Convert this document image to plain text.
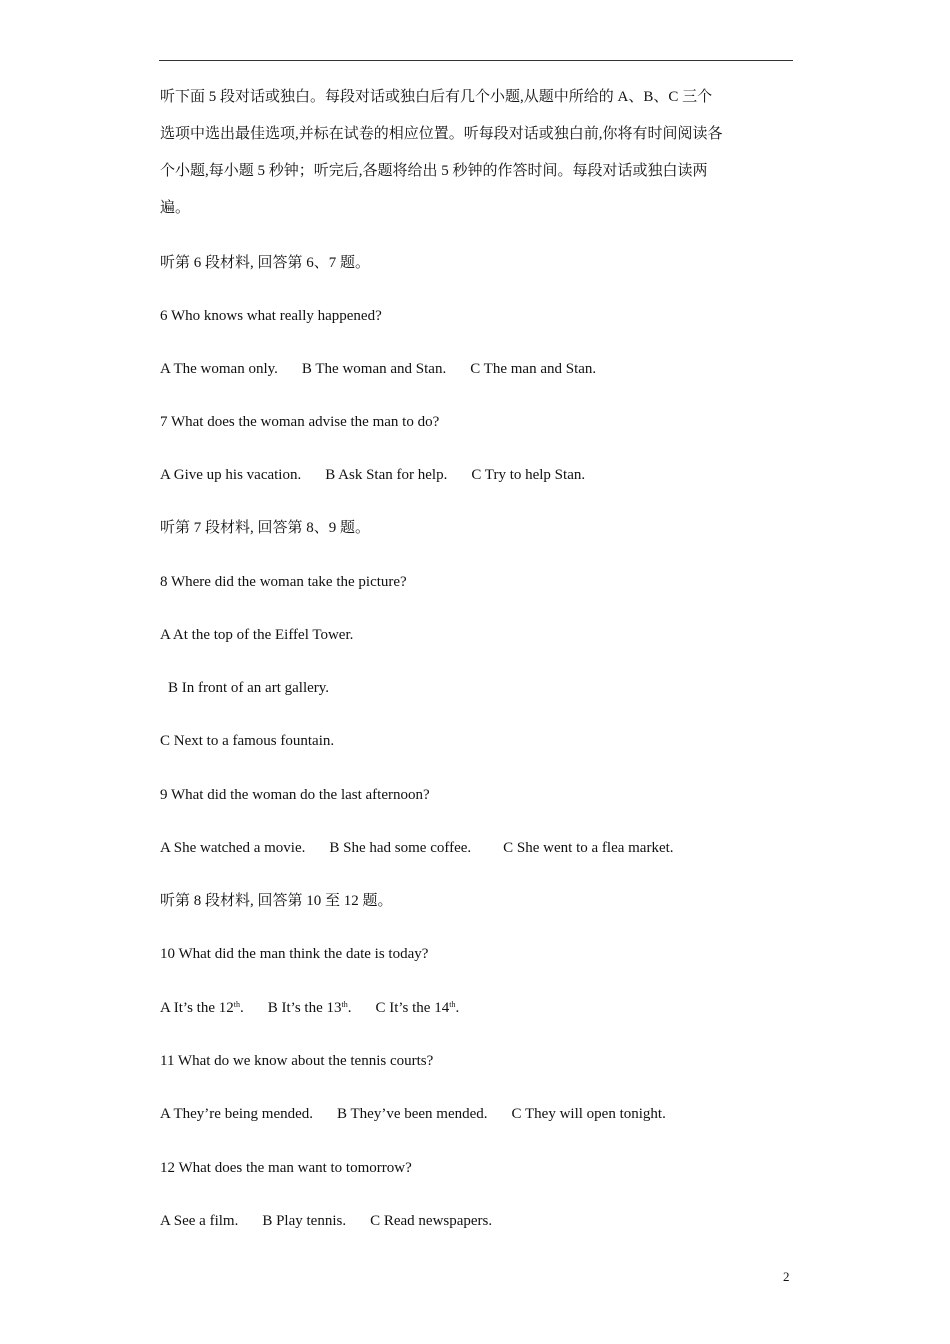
听下面 5 段对话或独白。每段对话或独白后有几个小题,从题中所给的 A、B、C 三个
选项中选出最佳选项,并标在试卷的相应位置。听每段对话或独白前,你将有时间阅读各
个小题,每小题 5 秒钟；听完后,各题将给出 5 秒钟的作答时间。每段对话或独白读两
遍。
听第 6 段材料, 回答第 6、7 题。
6 Who knows what really happened?
A The woman only. B The woman and Stan. C The man and Stan.
7 What does the woman advise the man to do?
A Give up his vacation. B Ask Stan for help. C Try to help Stan.
听第 7 段材料, 回答第 8、9 题。
8 Where did the woman take the picture?
A At the top of the Eiffel Tower.
B In front of an art gallery.
C Next to a famous fountain.
9 What did the woman do the last afternoon?
A She watched a movie. B She had some coffee. C She went to a flea market.
听第 8 段材料, 回答第 10 至 12 题。
10 What did the man think the date is today?
A It’s the 12th. B It’s the 13th. C It’s the 14th.
11 What do we know about the tennis courts?
A They’re being mended. B They’ve been mended. C They will open tonight.
12 What does the man want to tomorrow?
A See a film. B Play tennis. C Read newspapers.
2
